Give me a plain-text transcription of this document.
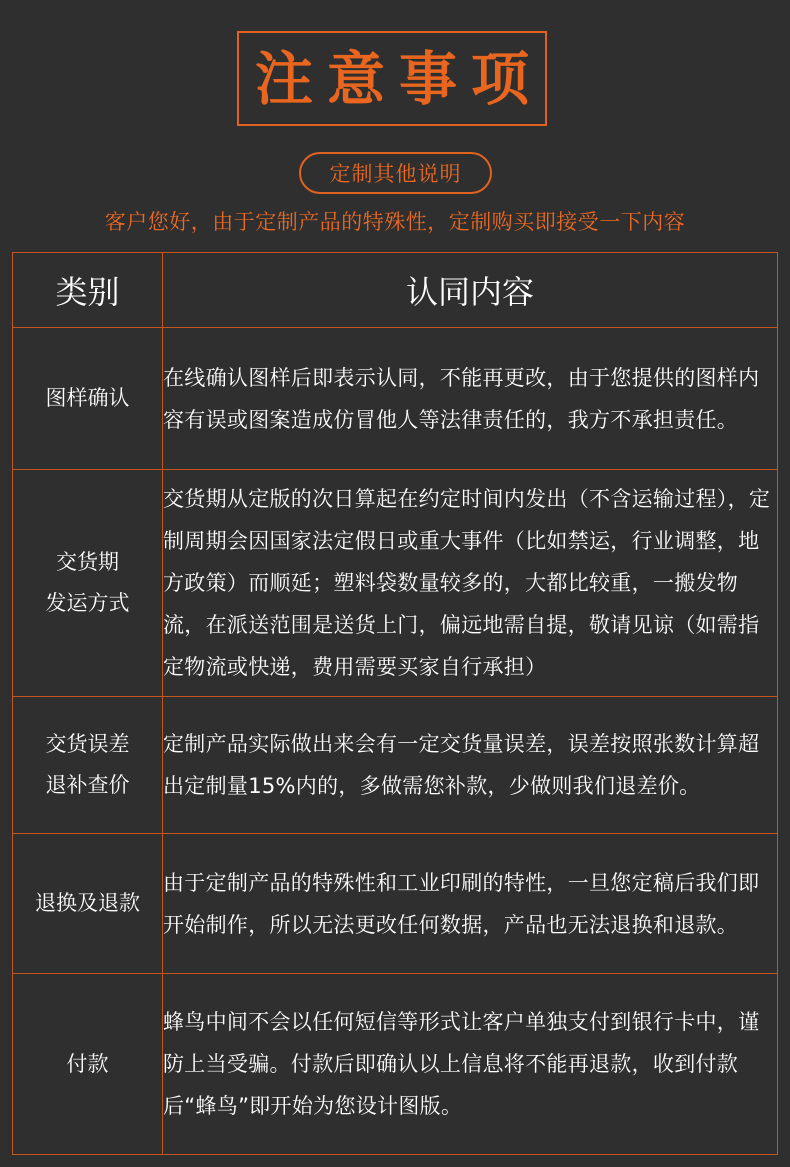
注意事项
定制其他说明
客户您好，由于定制产品的特殊性，定制购买即接受一下内容
类别	认同内容

图样确认	在线确认图样后即表示认同，不能再更改，由于您提供的图样内容有误或图案造成仿冒他人等法律责任的，我方不承担责任。

交货期
发运方式	交货期从定版的次日算起在约定时间内发出（不含运输过程），定制周期会因国家法定假日或重大事件（比如禁运，行业调整，地方政策）而顺延；塑料袋数量较多的，大都比较重，一搬发物流，在派送范围是送货上门，偏远地需自提，敬请见谅（如需指定物流或快递，费用需要买家自行承担）

交货误差
退补查价	定制产品实际做出来会有一定交货量误差，误差按照张数计算超出定制量15%内的，多做需您补款，少做则我们退差价。

退换及退款	由于定制产品的特殊性和工业印刷的特性，一旦您定稿后我们即开始制作，所以无法更改任何数据，产品也无法退换和退款。

付款	蜂鸟中间不会以任何短信等形式让客户单独支付到银行卡中，谨防上当受骗。付款后即确认以上信息将不能再退款，收到付款后“蜂鸟”即开始为您设计图版。
